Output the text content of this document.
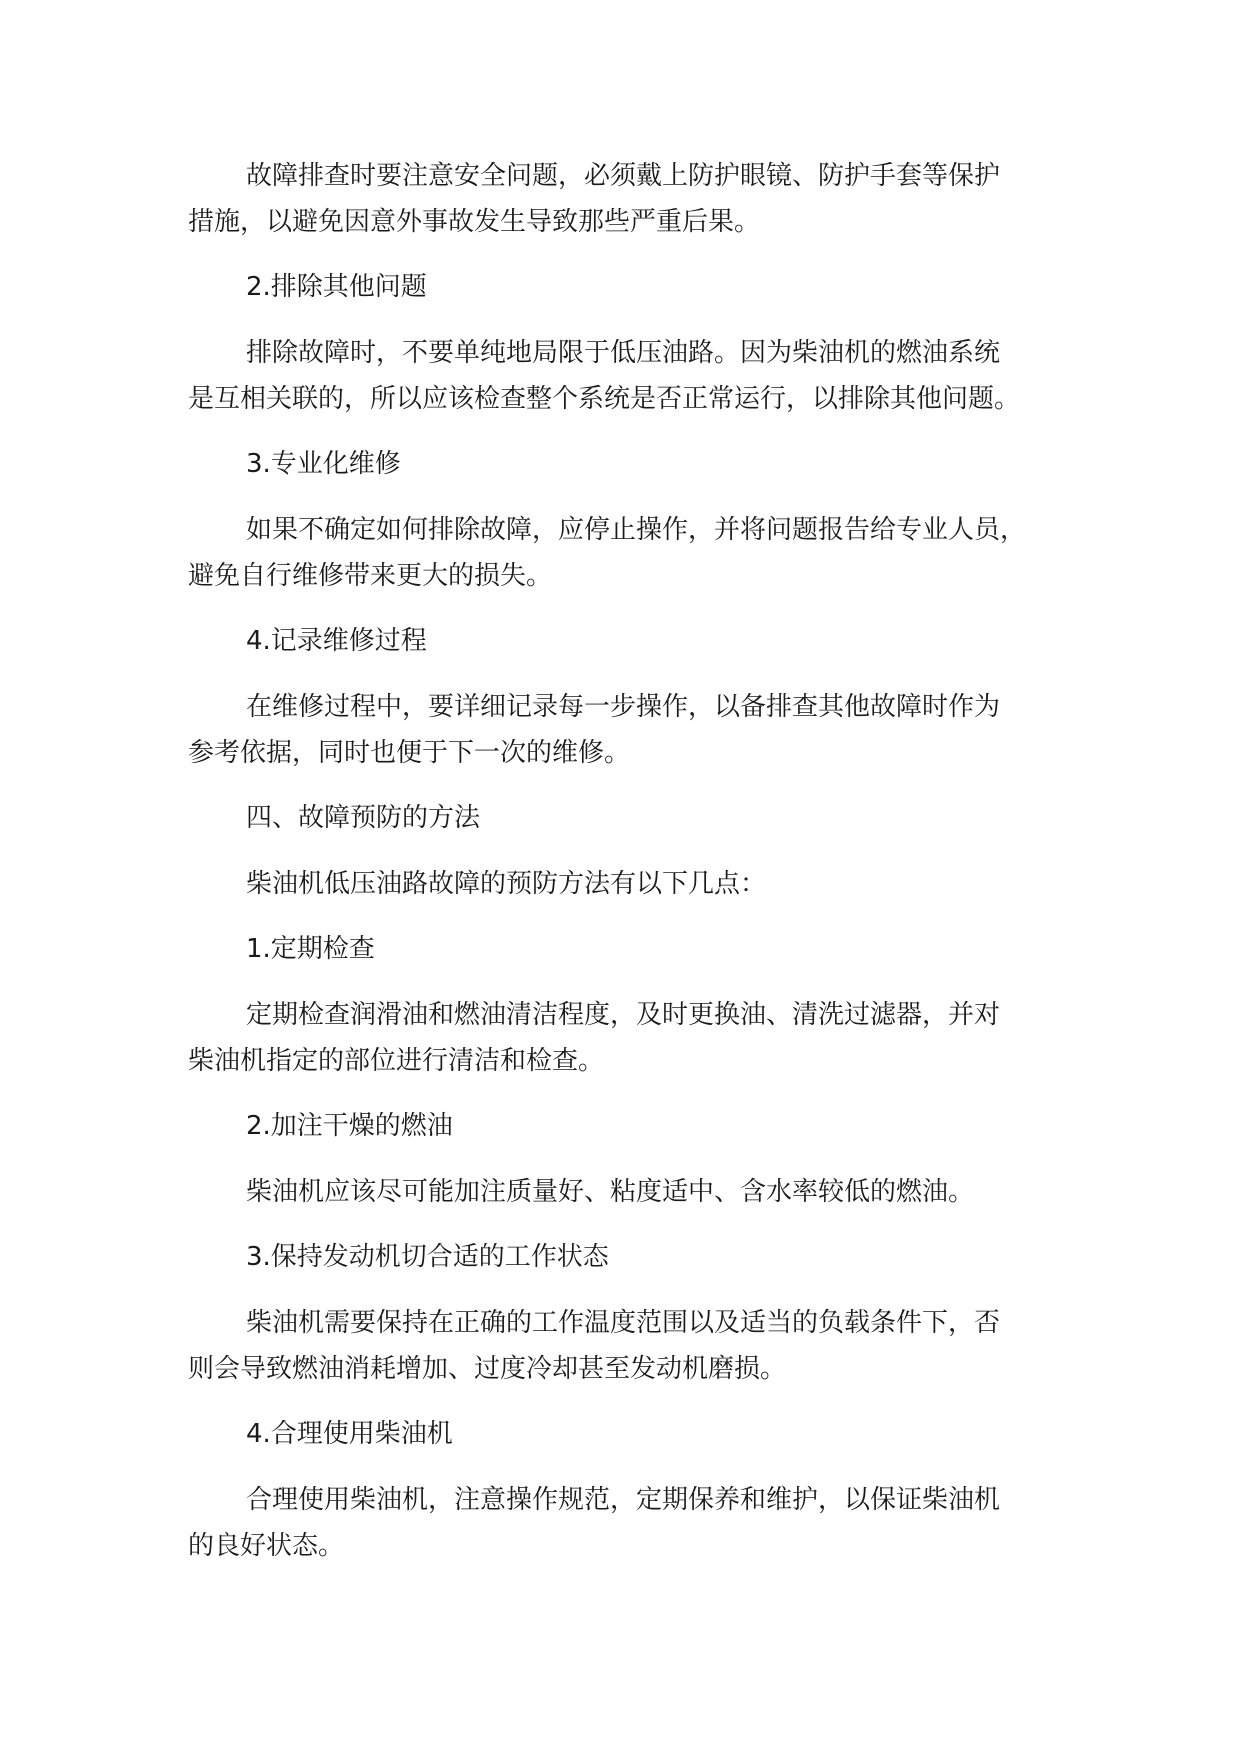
故障排查时要注意安全问题，必须戴上防护眼镜、防护手套等保护

措施，以避免因意外事故发生导致那些严重后果。

2.排除其他问题

排除故障时，不要单纯地局限于低压油路。因为柴油机的燃油系统

是互相关联的，所以应该检查整个系统是否正常运行，以排除其他问题。

3.专业化维修

如果不确定如何排除故障，应停止操作，并将问题报告给专业人员，

避免自行维修带来更大的损失。

4.记录维修过程

在维修过程中，要详细记录每一步操作，以备排查其他故障时作为

参考依据，同时也便于下一次的维修。

四、故障预防的方法

柴油机低压油路故障的预防方法有以下几点：

1.定期检查

定期检查润滑油和燃油清洁程度，及时更换油、清洗过滤器，并对

柴油机指定的部位进行清洁和检查。

2.加注干燥的燃油

柴油机应该尽可能加注质量好、粘度适中、含水率较低的燃油。

3.保持发动机切合适的工作状态

柴油机需要保持在正确的工作温度范围以及适当的负载条件下，否

则会导致燃油消耗增加、过度冷却甚至发动机磨损。

4.合理使用柴油机

合理使用柴油机，注意操作规范，定期保养和维护，以保证柴油机

的良好状态。
